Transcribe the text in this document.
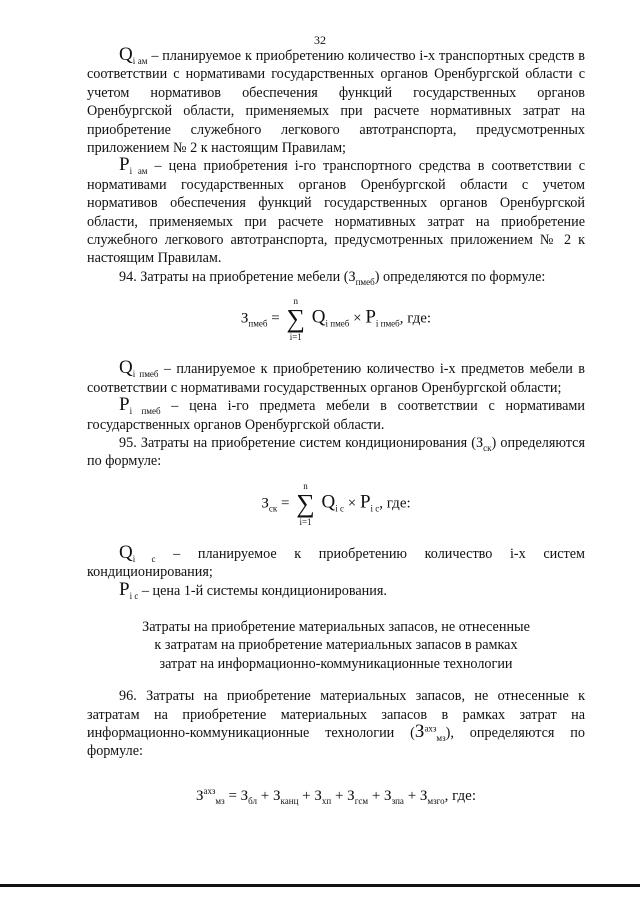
32

$Q_{i ам}$ – планируемое к приобретению количество i-х транспортных средств в соответствии с нормативами государственных органов Оренбургской области с учетом нормативов обеспечения функций государственных органов Оренбургской области, применяемых при расчете нормативных затрат на приобретение служебного легкового автотранспорта, предусмотренных приложением № 2 к настоящим Правилам;

$P_{i ам}$ – цена приобретения i-го транспортного средства в соответствии с нормативами государственных органов Оренбургской области с учетом нормативов обеспечения функций государственных органов Оренбургской области, применяемых при расчете нормативных затрат на приобретение служебного легкового автотранспорта, предусмотренных приложением № 2 к настоящим Правилам.

94. Затраты на приобретение мебели $(З_{пмеб})$ определяются по формуле:

$З_{пмеб}$ =
n
∑
i=1
$Q_{i пмеб} \times P_{i пмеб}$, где:

$Q_{i пмеб}$ – планируемое к приобретению количество i-х предметов мебели в соответствии с нормативами государственных органов Оренбургской области;

$P_{i пмеб}$ – цена i-го предмета мебели в соответствии с нормативами государственных органов Оренбургской области.

95. Затраты на приобретение систем кондиционирования $(З_{ск})$ определяются по формуле:

$З_{ск}$ =
n
∑
i=1
$Q_{i с} \times P_{i с}$, где:

$Q_{i с}$ – планируемое к приобретению количество i-х систем кондиционирования;

$P_{i с}$ – цена 1-й системы кондиционирования.

Затраты на приобретение материальных запасов, не отнесенные
к затратам на приобретение материальных запасов в рамках
затрат на информационно-коммуникационные технологии

96. Затраты на приобретение материальных запасов, не отнесенные к затратам на приобретение материальных запасов в рамках затрат на информационно-коммуникационные технологии $(З^{ахз}_{мз})$, определяются по формуле:

$З^{ахз}_{мз} = З_{бл} + З_{канц} + З_{хп} + З_{гсм} + З_{зпа} + З_{мзго}$, где:
